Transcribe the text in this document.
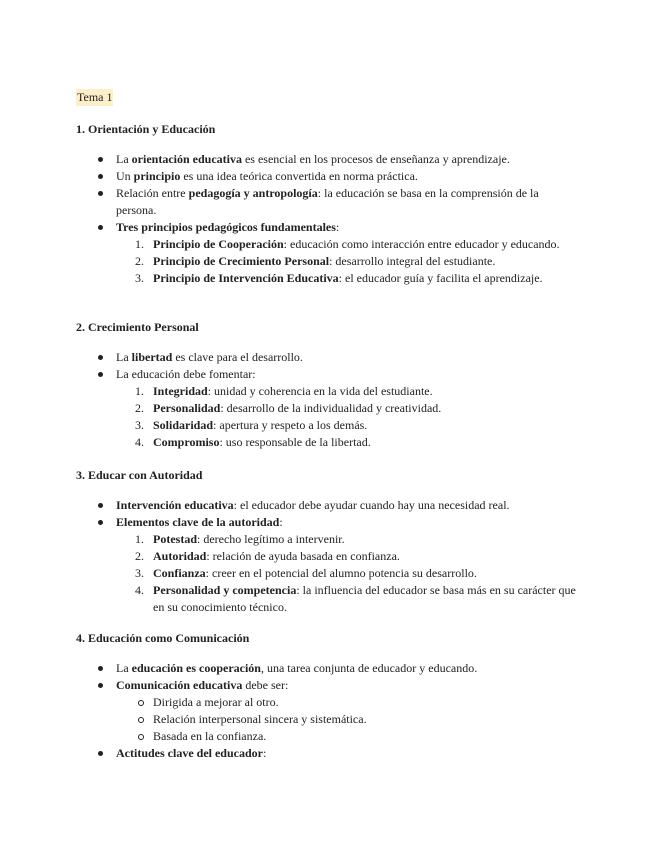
Tema 1
1. Orientación y Educación
La orientación educativa es esencial en los procesos de enseñanza y aprendizaje.
Un principio es una idea teórica convertida en norma práctica.
Relación entre pedagogía y antropología: la educación se basa en la comprensión de la persona.
Tres principios pedagógicos fundamentales:
Principio de Cooperación: educación como interacción entre educador y educando.
Principio de Crecimiento Personal: desarrollo integral del estudiante.
Principio de Intervención Educativa: el educador guía y facilita el aprendizaje.
2. Crecimiento Personal
La libertad es clave para el desarrollo.
La educación debe fomentar:
Integridad: unidad y coherencia en la vida del estudiante.
Personalidad: desarrollo de la individualidad y creatividad.
Solidaridad: apertura y respeto a los demás.
Compromiso: uso responsable de la libertad.
3. Educar con Autoridad
Intervención educativa: el educador debe ayudar cuando hay una necesidad real.
Elementos clave de la autoridad:
Potestad: derecho legítimo a intervenir.
Autoridad: relación de ayuda basada en confianza.
Confianza: creer en el potencial del alumno potencia su desarrollo.
Personalidad y competencia: la influencia del educador se basa más en su carácter que en su conocimiento técnico.
4. Educación como Comunicación
La educación es cooperación, una tarea conjunta de educador y educando.
Comunicación educativa debe ser:
Dirigida a mejorar al otro.
Relación interpersonal sincera y sistemática.
Basada en la confianza.
Actitudes clave del educador:
